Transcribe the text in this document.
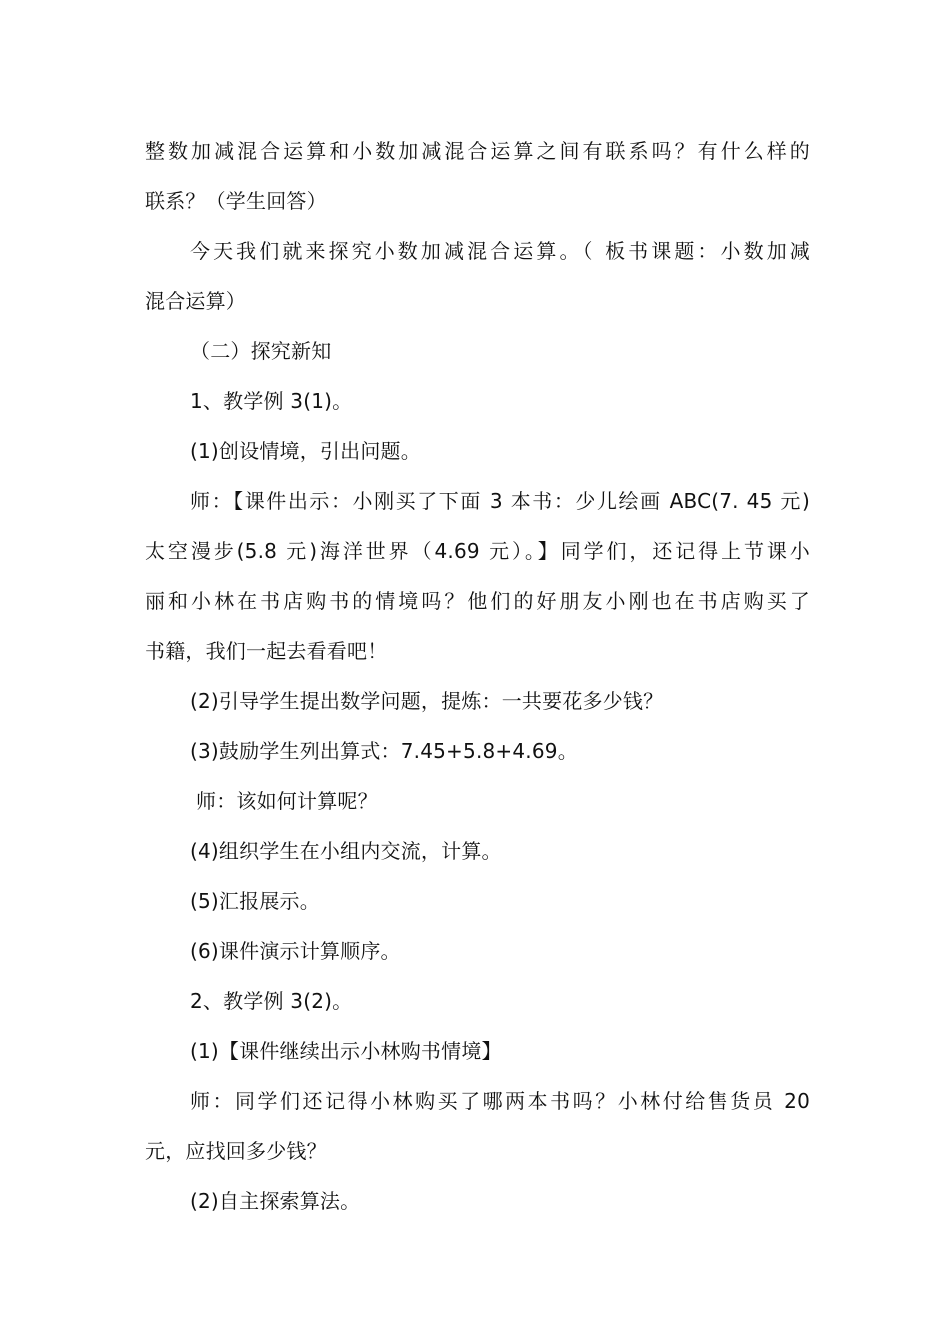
整数加减混合运算和小数加减混合运算之间有联系吗？有什么样的
联系？（学生回答）
今天我们就来探究小数加减混合运算。（ 板书课题：小数加减
混合运算）
（二）探究新知
1、教学例 3(1)。
(1)创设情境，引出问题。
师：【课件出示：小刚买了下面 3 本书：少儿绘画 ABC(7. 45 元)
太空漫步(5.8 元)海洋世界（4.69 元）。】同学们，还记得上节课小
丽和小林在书店购书的情境吗？他们的好朋友小刚也在书店购买了
书籍，我们一起去看看吧！
(2)引导学生提出数学问题，提炼：一共要花多少钱？
(3)鼓励学生列出算式：7.45+5.8+4.69。
师：该如何计算呢？
(4)组织学生在小组内交流，计算。
(5)汇报展示。
(6)课件演示计算顺序。
2、教学例 3(2)。
(1)【课件继续出示小林购书情境】
师：同学们还记得小林购买了哪两本书吗？小林付给售货员 20
元，应找回多少钱？
(2)自主探索算法。
